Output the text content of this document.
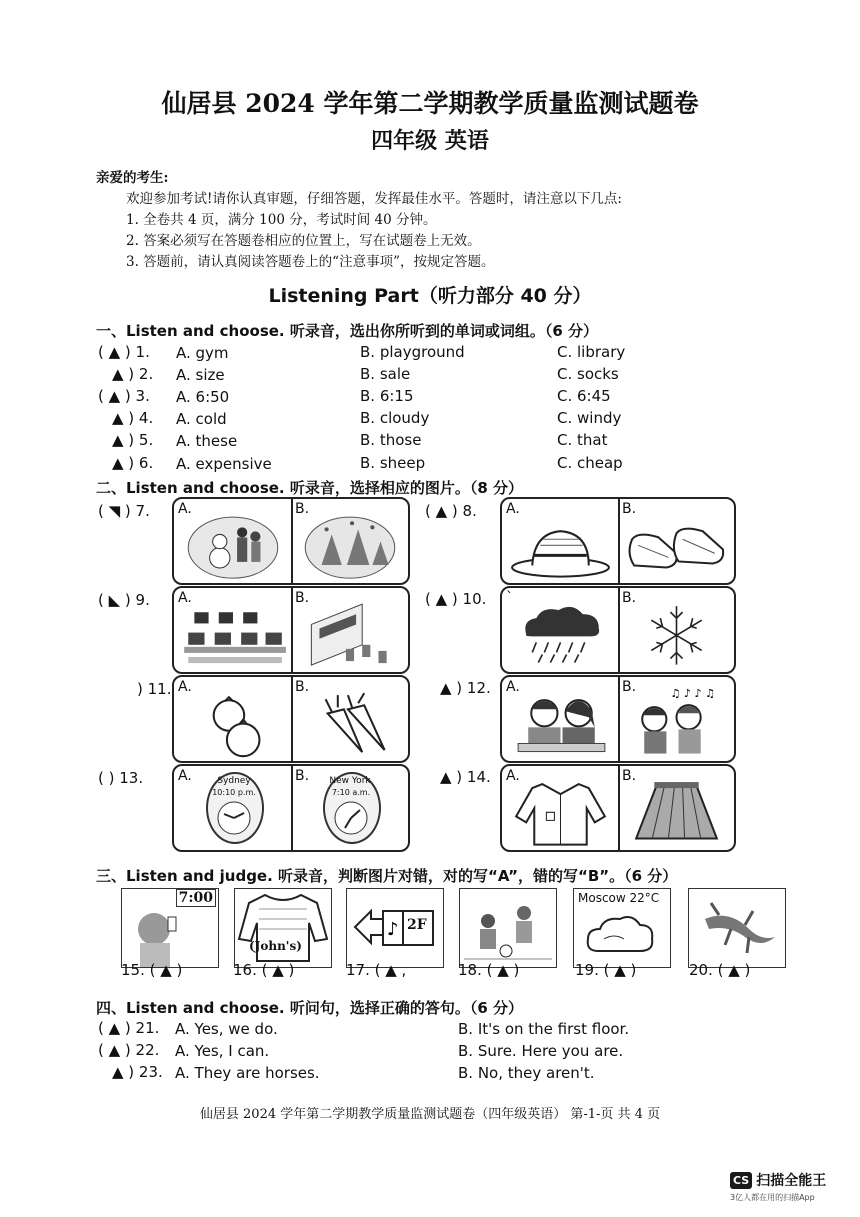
仙居县 2024 学年第二学期教学质量监测试题卷
四年级 英语
亲爱的考生:
欢迎参加考试!请你认真审题，仔细答题，发挥最佳水平。答题时，请注意以下几点:
1. 全卷共 4 页，满分 100 分，考试时间 40 分钟。
2. 答案必须写在答题卷相应的位置上，写在试题卷上无效。
3. 答题前，请认真阅读答题卷上的“注意事项”，按规定答题。
Listening Part（听力部分 40 分）
一、Listen and choose. 听录音，选出你所听到的单词或词组。（6 分）
( ▲ ) 1. A. gym	B. playground	C. library
▲ ) 2. A. size	B. sale	C. socks
( ▲ ) 3. A. 6:50	B. 6:15	C. 6:45
▲ ) 4. A. cold	B. cloudy	C. windy
▲ ) 5. A. these	B. those	C. that
▲ ) 6. A. expensive	B. sheep	C. cheap
二、Listen and choose. 听录音，选择相应的图片。（8 分）
( ◥ ) 7. A.	B.	( ▲ ) 8. A.	B.
( ◣ ) 9. A.	B.	( ▲ ) 10. `	B.
) 11. A.	B.	▲ ) 12. A.	B.	♫ ♪ ♪ ♫
( ) 13. A.	Sydney
10:10 p.m.
B.	New York
7:10 a.m.
▲ ) 14. A.	B.
三、Listen and judge. 听录音，判断图片对错，对的写“A”，错的写“B”。（6 分）
7:00
15. ( ▲ )
(John's)
16. ( ▲ )
♪ 2F
17. ( ▲ ,	18. ( ▲ )
Moscow 22°C
19. ( ▲ )	20. ( ▲ )
四、Listen and choose. 听问句，选择正确的答句。（6 分）
( ▲ ) 21. A. Yes, we do.	B. It's on the first floor.
( ▲ ) 22. A. Yes, I can.	B. Sure. Here you are.
▲ ) 23. A. They are horses.	B. No, they aren't.
仙居县 2024 学年第二学期教学质量监测试题卷（四年级英语） 第-1-页 共 4 页
CS 扫描全能王
3亿人都在用的扫描App
